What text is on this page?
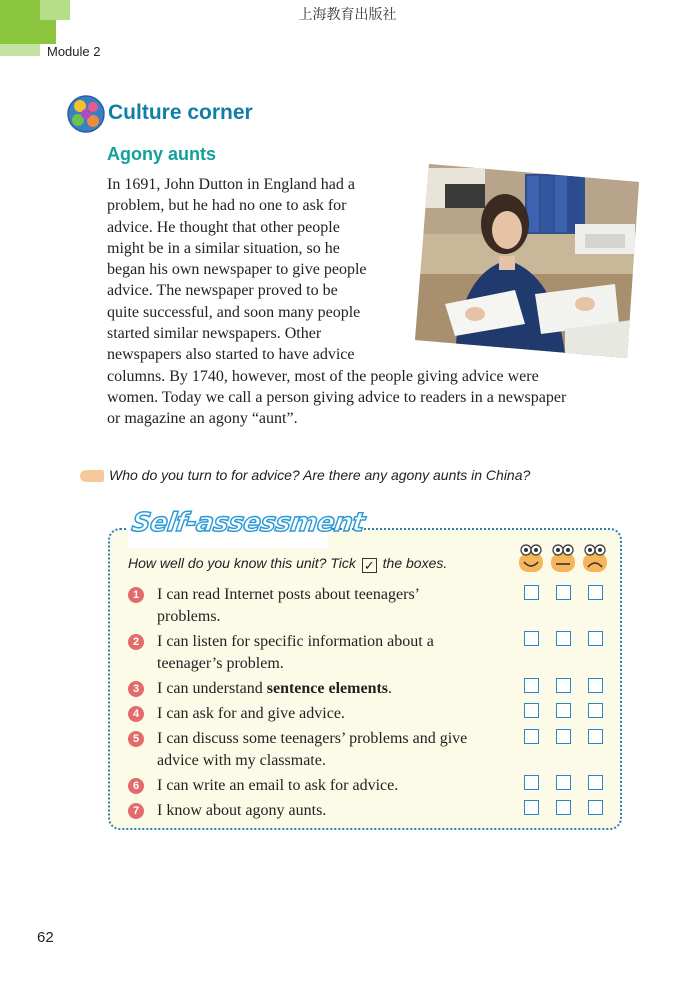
上海教育出版社
Module 2
Culture corner
Agony aunts
In 1691, John Dutton in England had a
problem, but he had no one to ask for
advice. He thought that other people
might be in a similar situation, so he
began his own newspaper to give people
advice. The newspaper proved to be
quite successful, and soon many people
started similar newspapers. Other
newspapers also started to have advice
columns. By 1740, however, most of the people giving advice were
women. Today we call a person giving advice to readers in a newspaper
or magazine an agony “aunt”.
Who do you turn to for advice? Are there any agony aunts in China?
Self-assessment
How well do you know this unit? Tick ✓ the boxes.
1	I can read Internet posts about teenagers’
problems.
2	I can listen for specific information about a
teenager’s problem.
3	I can understand sentence elements.
4	I can ask for and give advice.
5	I can discuss some teenagers’ problems and give
advice with my classmate.
6	I can write an email to ask for advice.
7	I know about agony aunts.
62
